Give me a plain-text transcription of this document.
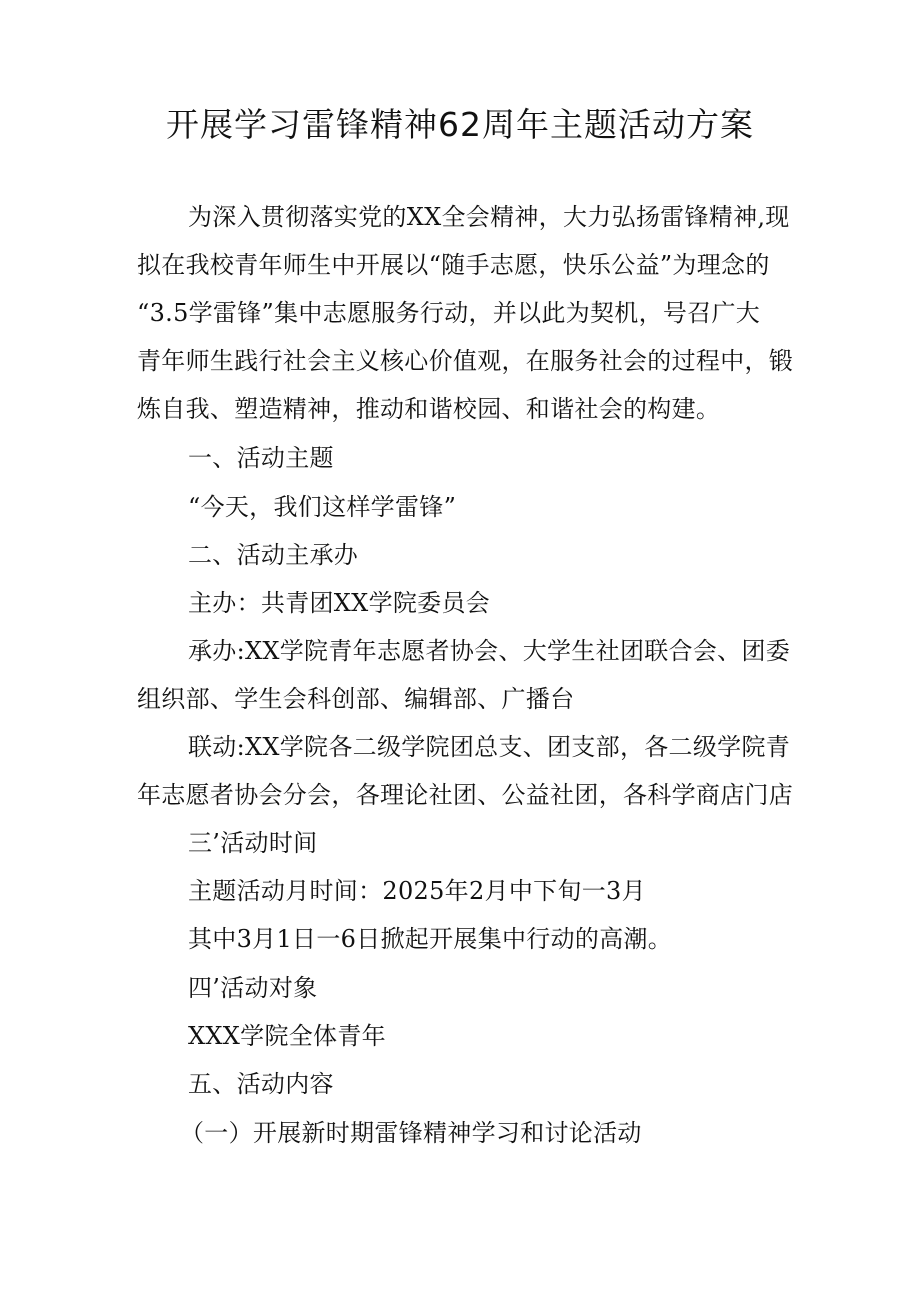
开展学习雷锋精神62周年主题活动方案
为深入贯彻落实党的XX全会精神，大力弘扬雷锋精神,现
拟在我校青年师生中开展以“随手志愿，快乐公益”为理念的
“3.5学雷锋”集中志愿服务行动，并以此为契机，号召广大
青年师生践行社会主义核心价值观，在服务社会的过程中，锻
炼自我、塑造精神，推动和谐校园、和谐社会的构建。
一、活动主题
“今天，我们这样学雷锋”
二、活动主承办
主办：共青团XX学院委员会
承办:XX学院青年志愿者协会、大学生社团联合会、团委
组织部、学生会科创部、编辑部、广播台
联动:XX学院各二级学院团总支、团支部，各二级学院青
年志愿者协会分会，各理论社团、公益社团，各科学商店门店
三’活动时间
主题活动月时间：2025年2月中下旬一3月
其中3月1日一6日掀起开展集中行动的高潮。
四’活动对象
XXX学院全体青年
五、活动内容
（一）开展新时期雷锋精神学习和讨论活动
